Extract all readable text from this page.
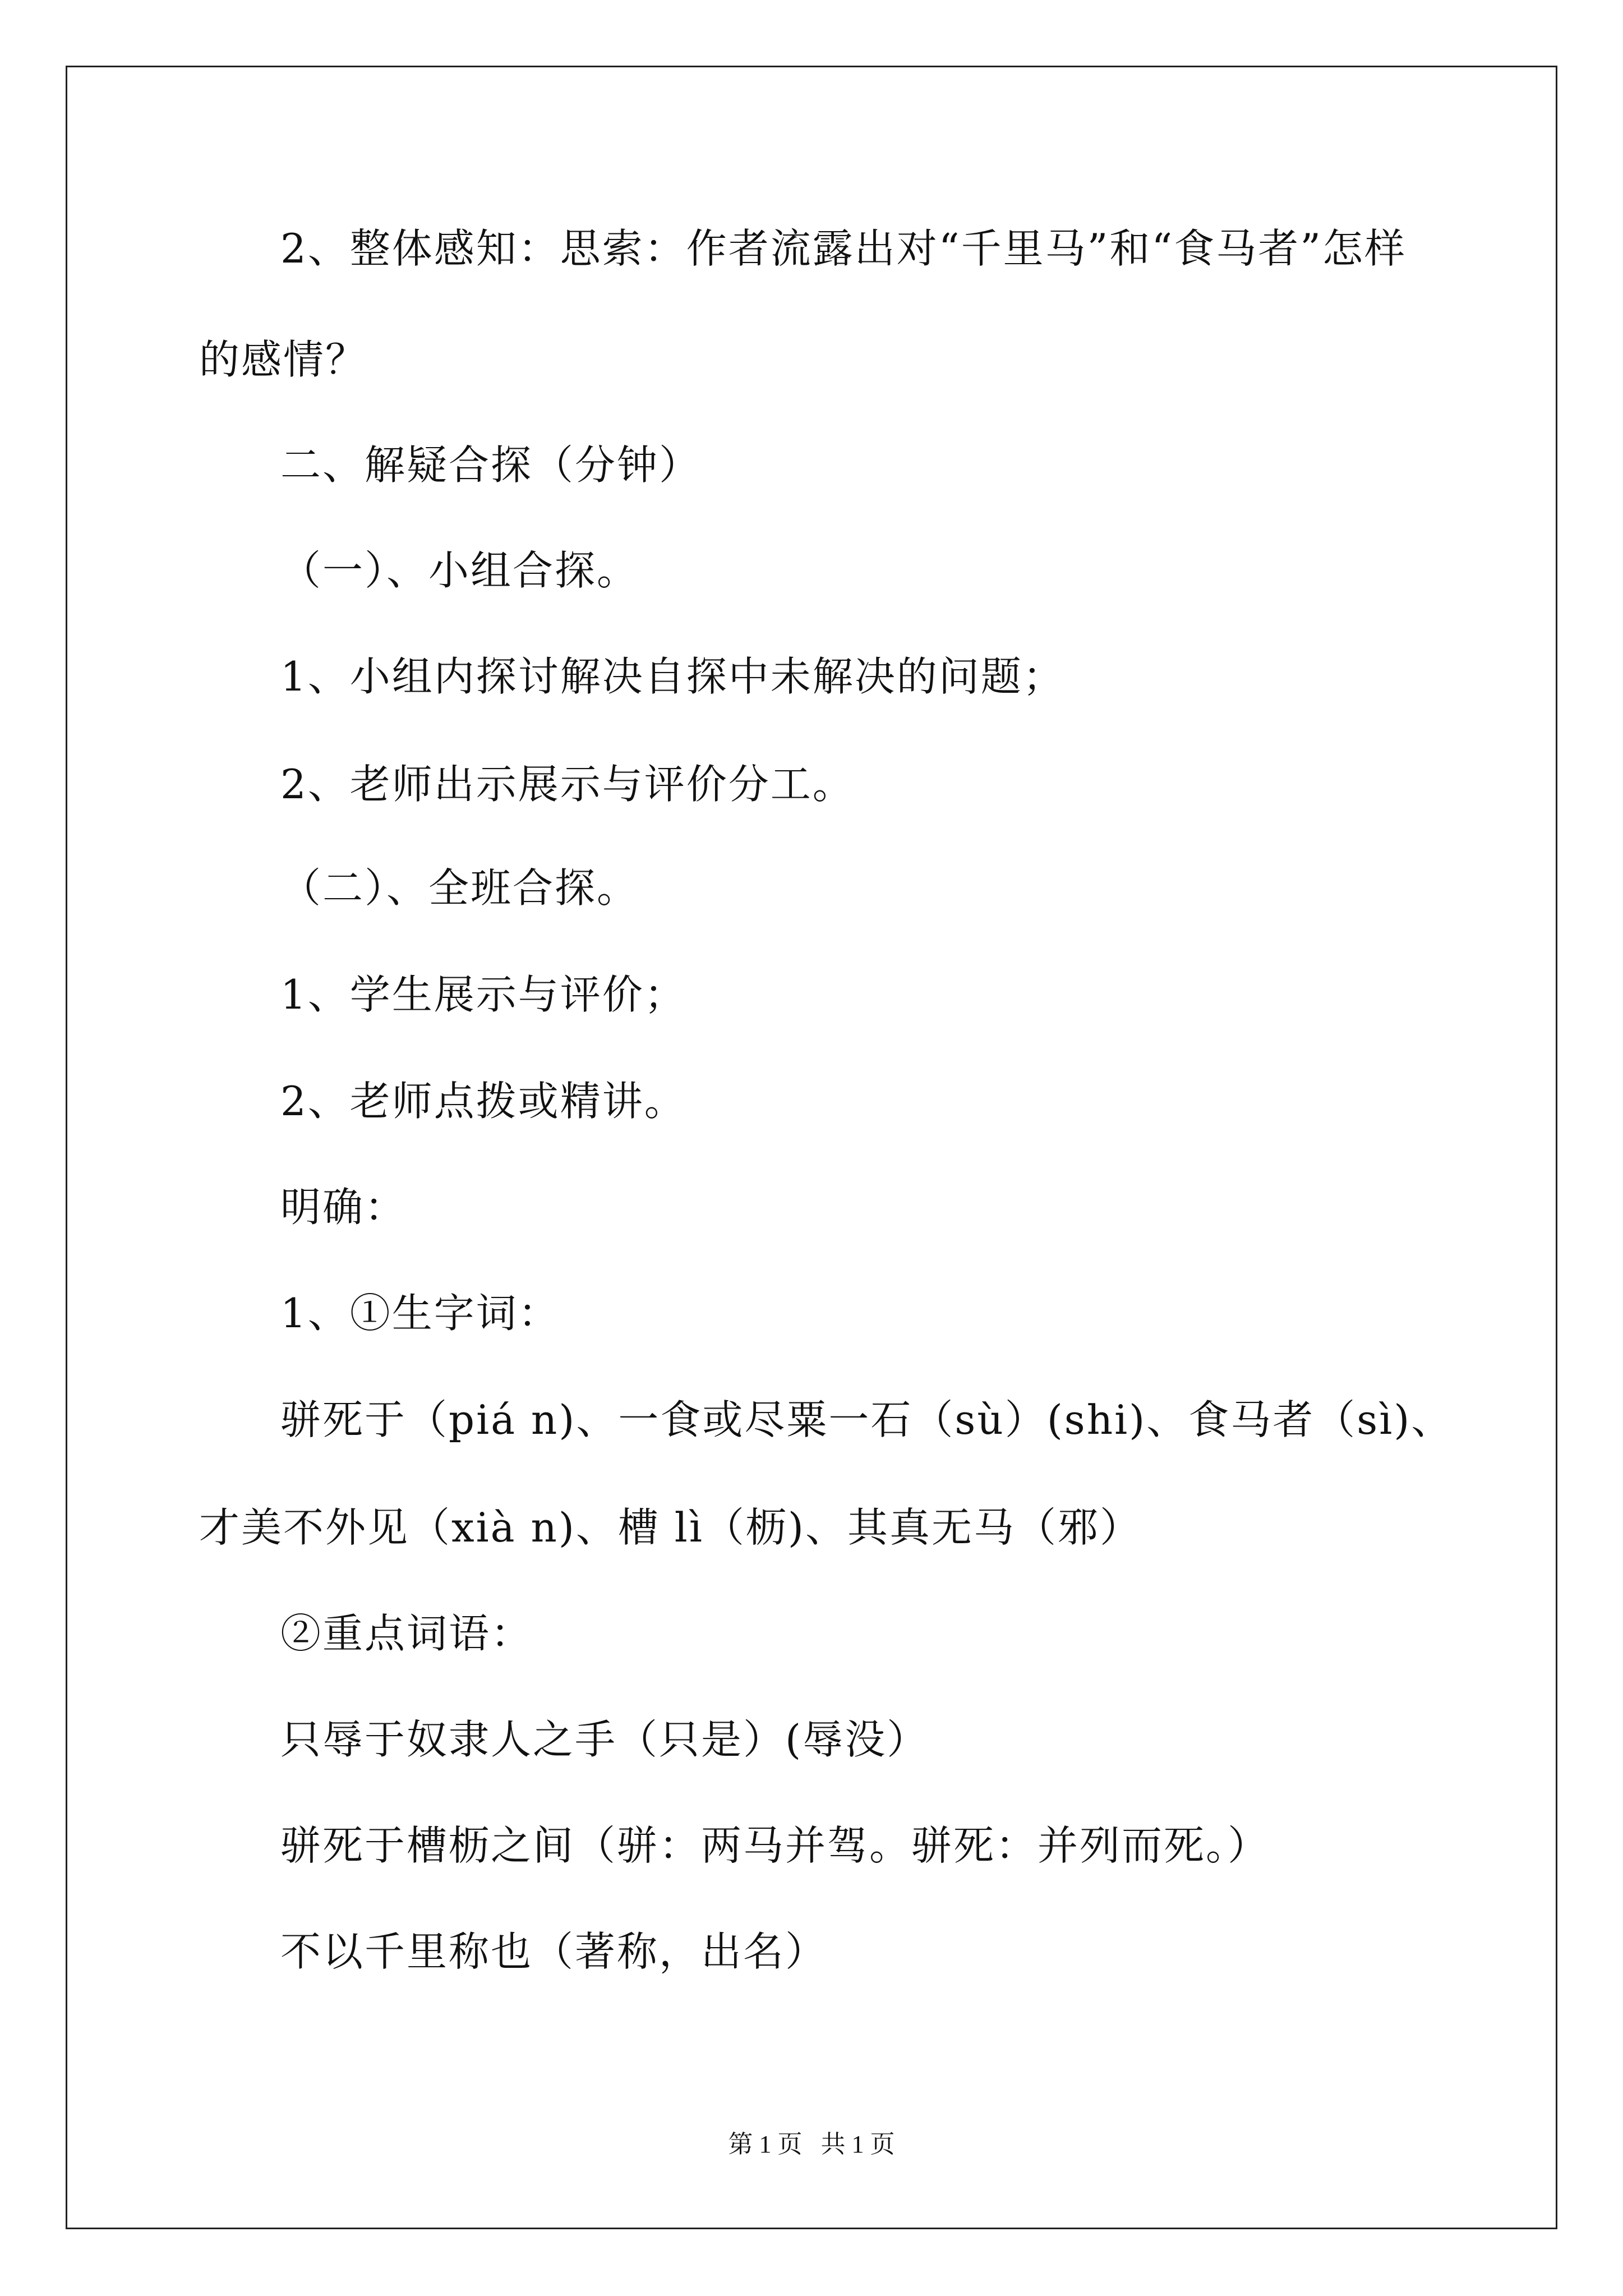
2、整体感知：思索：作者流露出对“千里马”和“食马者”怎样
的感情？
二、解疑合探（分钟）
（一）、小组合探。
1、小组内探讨解决自探中未解决的问题；
2、老师出示展示与评价分工。
（二）、全班合探。
1、学生展示与评价；
2、老师点拨或精讲。
明确：
1、①生字词：
骈死于（piá n)、一食或尽粟一石（sù）(shi)、食马者（sì)、
才美不外见（xià n)、槽 lì（枥)、其真无马（邪）
②重点词语：
只辱于奴隶人之手（只是）(辱没）
骈死于槽枥之间（骈：两马并驾。骈死：并列而死。）
不以千里称也（著称，出名）
第 1 页   共 1 页
